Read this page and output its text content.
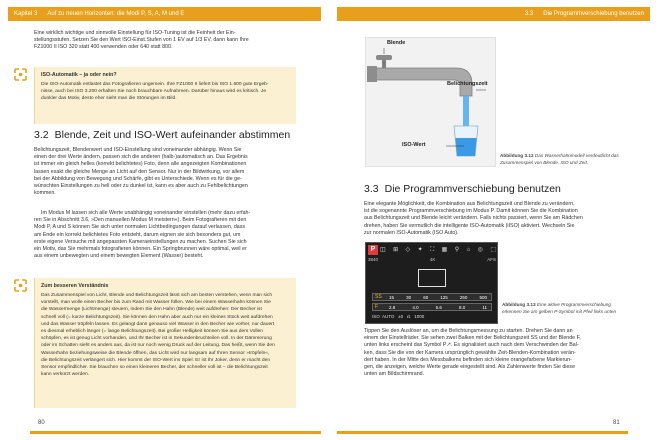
Kapitel 3 Auf zu neuen Horizonten: die Modi P, S, A, M und E
Eine wirklich wichtige und sinnvolle Einstellung für ISO-Tuning ist die Feinheit der Ein-
stellungsstufen. Setzen Sie den Wert ISO-Einst.Stufen von 1 EV auf 1/3 EV, dann kann Ihre
FZ1000 II ISO 320 statt 400 verwenden oder 640 statt 800.
ISO-Automatik – ja oder nein?
Die ISO-Automatik entlastet das Fotografieren ungemein. Ihre FZ1000 II liefert bis ISO 1.600 gute Ergeb-
nisse, auch bei ISO 3.200 erhalten Sie noch brauchbare Aufnahmen. Darüber hinaus wird es kritisch. Je
dunkler das Motiv, desto eher sieht man die Störungen im Bild.
3.2 Blende, Zeit und ISO-Wert aufeinander abstimmen
Belichtungszeit, Blendenwert und ISO-Einstellung sind voneinander abhängig. Wenn Sie
einen der drei Werte ändern, passen sich die anderen (halb-)automatisch an. Das Ergebnis
ist immer ein gleich helles (korrekt belichtetes) Foto, denn alle angezeigten Kombinationen
lassen exakt die gleiche Menge an Licht auf den Sensor. Nur in der Bildwirkung, vor allem
bei der Abbildung von Bewegung und Schärfe, gibt es Unterschiede. Wenn es für die ge-
wünschten Einstellungen zu hell oder zu dunkel ist, kann es aber auch zu Fehlbelichtungen
kommen.
Im Modus M lassen sich alle Werte unabhängig voneinander einstellen (mehr dazu erfah-
ren Sie in Abschnitt 3.6, »Den manuellen Modus M meistern«). Beim Fotografieren mit den
Modi P, A und S können Sie sich unter normalen Lichtbedingungen darauf verlassen, dass
am Ende ein korrekt belichtetes Foto entsteht, darum eignen sie sich besonders gut, um
erste eigene Versuche mit angepassten Kameraeinstellungen zu machen. Suchen Sie sich
ein Motiv, das Sie mehrmals fotografieren können. Ein Springbrunnen wäre optimal, weil er
aus einem unbewegten und einem bewegten Element (Wasser) besteht.
Zum besseren Verständnis
Das Zusammenspiel von Licht, Blende und Belichtungszeit lässt sich am besten verstehen, wenn man sich
vorstellt, man wolle einen Becher bis zum Rand mit Wasser füllen. Wie bei einem Wasserhahn können Sie
die Wassermenge (Lichtmenge) steuern, indem Sie den Hahn (Blende) weit aufdrehen: Der Becher ist
schnell voll (= kurze Belichtungszeit). Sie können den Hahn aber auch nur ein kleines Stück weit aufdrehen
und das Wasser tröpfeln lassen. Es gelangt dann genauso viel Wasser in den Becher wie vorher, nur dauert
es diesmal erheblich länger (= lange Belichtungszeit). Bei großer Helligkeit können Sie aus dem Vollen
schöpfen, es ist genug Licht vorhanden, und Ihr Becher ist in Sekundenbruchteilen voll. In der Dämmerung
oder im Schatten sieht es anders aus, da ist nur noch wenig Druck auf der Leitung. Das heißt, wenn Sie den
Wasserhahn beziehungsweise die Blende öffnen, das Licht wird nur langsam auf Ihren Sensor »tröpfeln«,
die Belichtungszeit verlängert sich. Hier kommt der ISO-Wert ins Spiel. Er ist Ihr Joker, denn er macht den
Sensor empfindlicher. Sie brauchen so einen kleineren Becher, der schneller voll ist – die Belichtungszeit
kann verkürzt werden.
80
3.3 Die Programmverschiebung benutzen
Blende
Belichtungszeit
ISO-Wert
Abbildung 3.12 Das Wasserhahnmodell verdeutlicht das Zusammenspiel von Blende, ISO und Zeit.
3.3 Die Programmverschiebung benutzen
Eine elegante Möglichkeit, die Kombination aus Belichtungszeit und Blende zu verändern,
ist die sogenannte Programmverschiebung im Modus P. Damit können Sie die Kombination
aus Belichtungszeit und Blende leicht verändern. Falls nichts passiert, wenn Sie am Rädchen
drehen, haben Sie vermutlich die intelligente ISO-Automatik (iISO) aktiviert. Wechseln Sie
zur normalen ISO-Automatik (ISO Auto).
P ◫ ⊞ ◇ ✦ ⛶ ▦ ⚲ ⌂ ◎ ⬚
3840	4K	AFS
SS 15	30	60	125	250	500
F 2.8	4.0	5.6	8.0	11
ISO  AUTO   ±0   ⎌   1000
Abbildung 3.13 Eine aktive Programmverschiebung erkennen Sie am gelben P-Symbol mit Pfeil links unten
Tippen Sie den Auslöser an, um die Belichtungsmessung zu starten. Drehen Sie dann an
einem der Einstellräder. Sie sehen zwei Balken mit der Belichtungszeit SS und der Blende F,
unten links erscheint das Symbol P↗. Es signalisiert auch nach dem Verschwinden der Bal-
ken, dass Sie die von der Kamera ursprünglich gewählte Zeit-Blenden-Kombination verän-
dert haben. In der Mitte des Messbalkens befinden sich kleine orangefarbene Markierun-
gen, die anzeigen, welche Werte gerade eingestellt sind. Als Zahlenwerte finden Sie diese
unten am Bildschirmrand.
81
